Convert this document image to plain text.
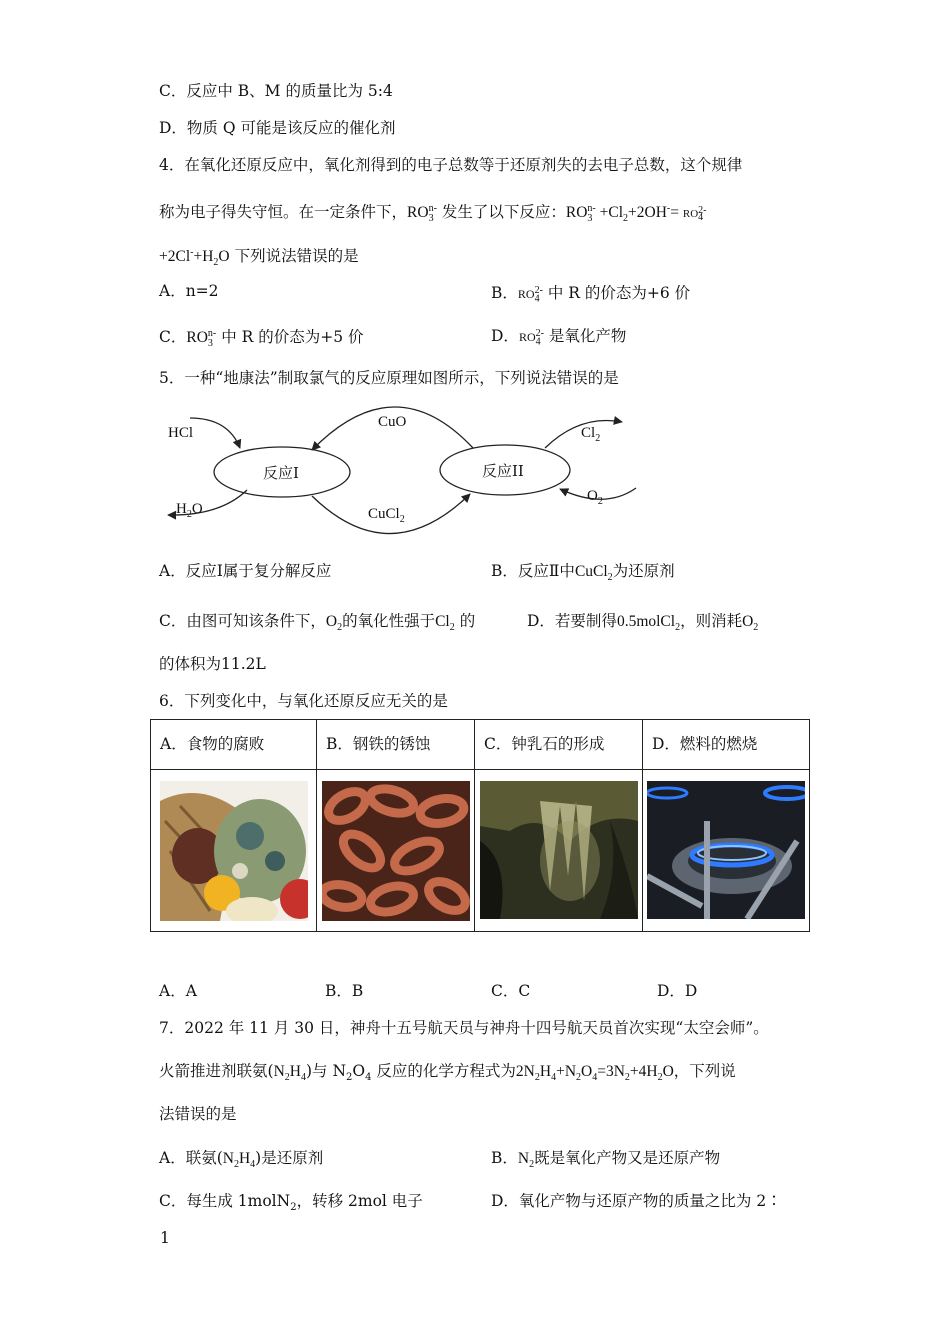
C．反应中 B、M 的质量比为 5:4
D．物质 Q 可能是该反应的催化剂
4．在氧化还原反应中，氧化剂得到的电子总数等于还原剂失的去电子总数，这个规律
称为电子得失守恒。在一定条件下，$RO_3^{n-}$ 发生了以下反应：$RO_3^{n-} +Cl_2+2OH^-= RO_4^{2-}$
$+2Cl^-+H_2O$ 下列说法错误的是
A．n=2	B．$RO_4^{2-}$ 中 R 的价态为+6 价
C．$RO_3^{n-}$ 中 R 的价态为+5 价	D．$RO_4^{2-}$ 是氧化产物
5．一种“地康法”制取氯气的反应原理如图所示，下列说法错误的是
HCl
CuO
反应I	反应II
$H_2O$	CuCl$_2$
$Cl_2$
$O_2$
A．反应Ⅰ属于复分解反应	B．反应Ⅱ中CuCl$_2$为还原剂
C．由图可知该条件下，$O_2$的氧化性强于$Cl_2$ 的	D．若要制得0.5molCl$_2$，则消耗$O_2$
的体积为11.2L
6．下列变化中，与氧化还原反应无关的是
A．食物的腐败	B．钢铁的锈蚀	C．钟乳石的形成	D．燃料的燃烧

A．A	B．B	C．C	D．D
7．2022 年 11 月 30 日，神舟十五号航天员与神舟十四号航天员首次实现“太空会师”。
火箭推进剂联氨$(N_2H_4)$与 $N_2O_4$ 反应的化学方程式为$2N_2H_4+N_2O_4=3N_2+4H_2O$，下列说
法错误的是
A．联氨$(N_2H_4)$是还原剂	B．$N_2$既是氧化产物又是还原产物
C．每生成 1molN$_2$，转移 2mol 电子	D．氧化产物与还原产物的质量之比为 2∶
1
